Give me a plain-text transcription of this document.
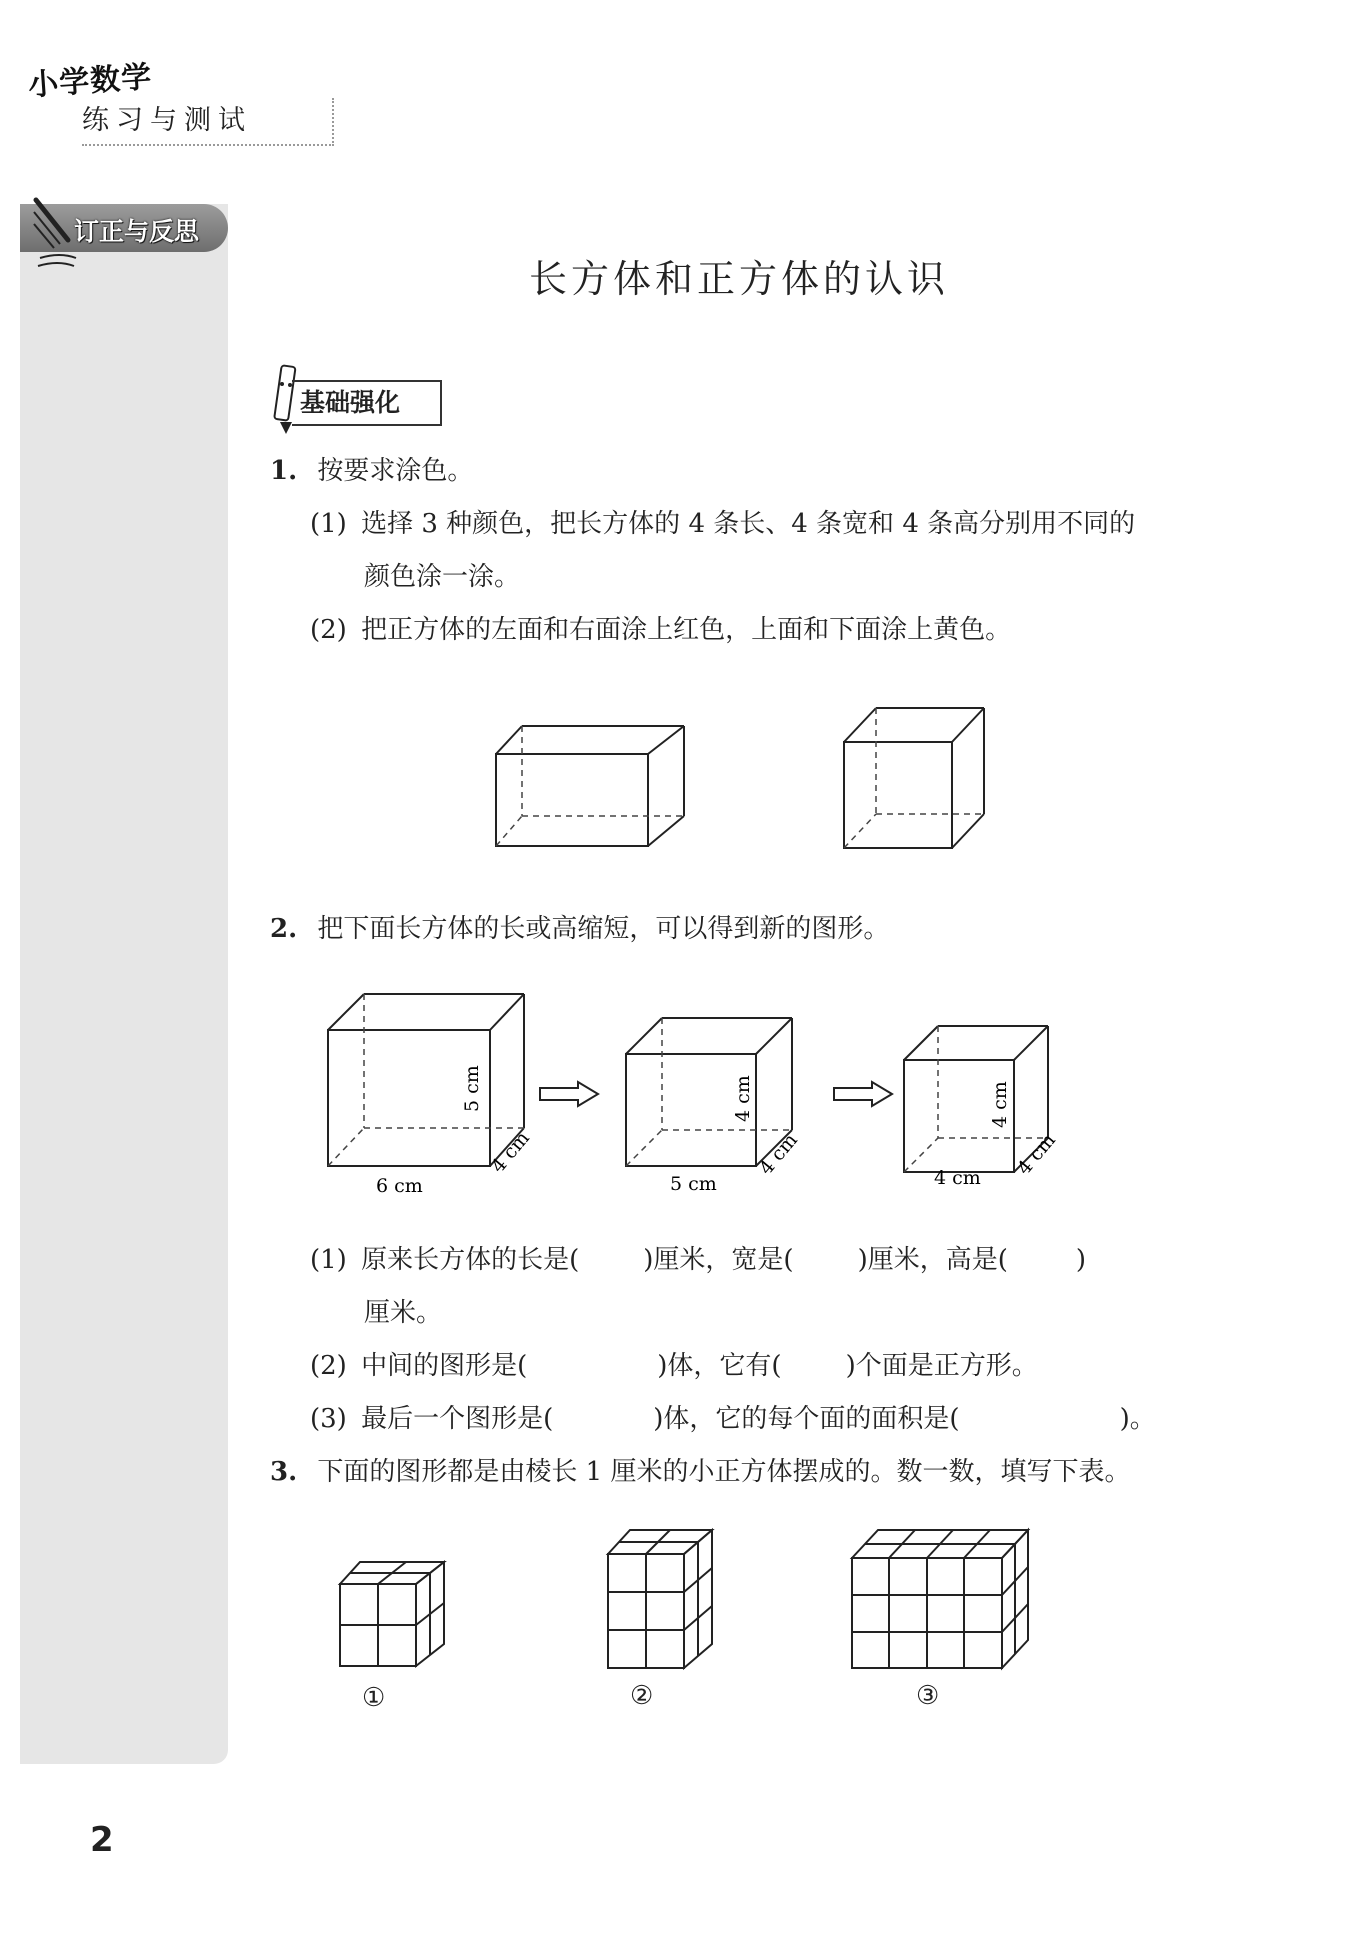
小学数学
练习与测试
订正与反思
长方体和正方体的认识
基础强化
1. 按要求涂色。
(1) 选择 3 种颜色，把长方体的 4 条长、4 条宽和 4 条高分别用不同的
颜色涂一涂。
(2) 把正方体的左面和右面涂上红色，上面和下面涂上黄色。
2. 把下面长方体的长或高缩短，可以得到新的图形。
6 cm
5 cm
4 cm
5 cm
4 cm
4 cm	4 cm
4 cm
4 cm
(1) 原来长方体的长是( )厘米，宽是( )厘米，高是(	)
厘米。
(2) 中间的图形是(	)体，它有( )个面是正方形。
(3) 最后一个图形是(	)体，它的每个面的面积是(	)。
3. 下面的图形都是由棱长 1 厘米的小正方体摆成的。数一数，填写下表。
①	②	③
2
